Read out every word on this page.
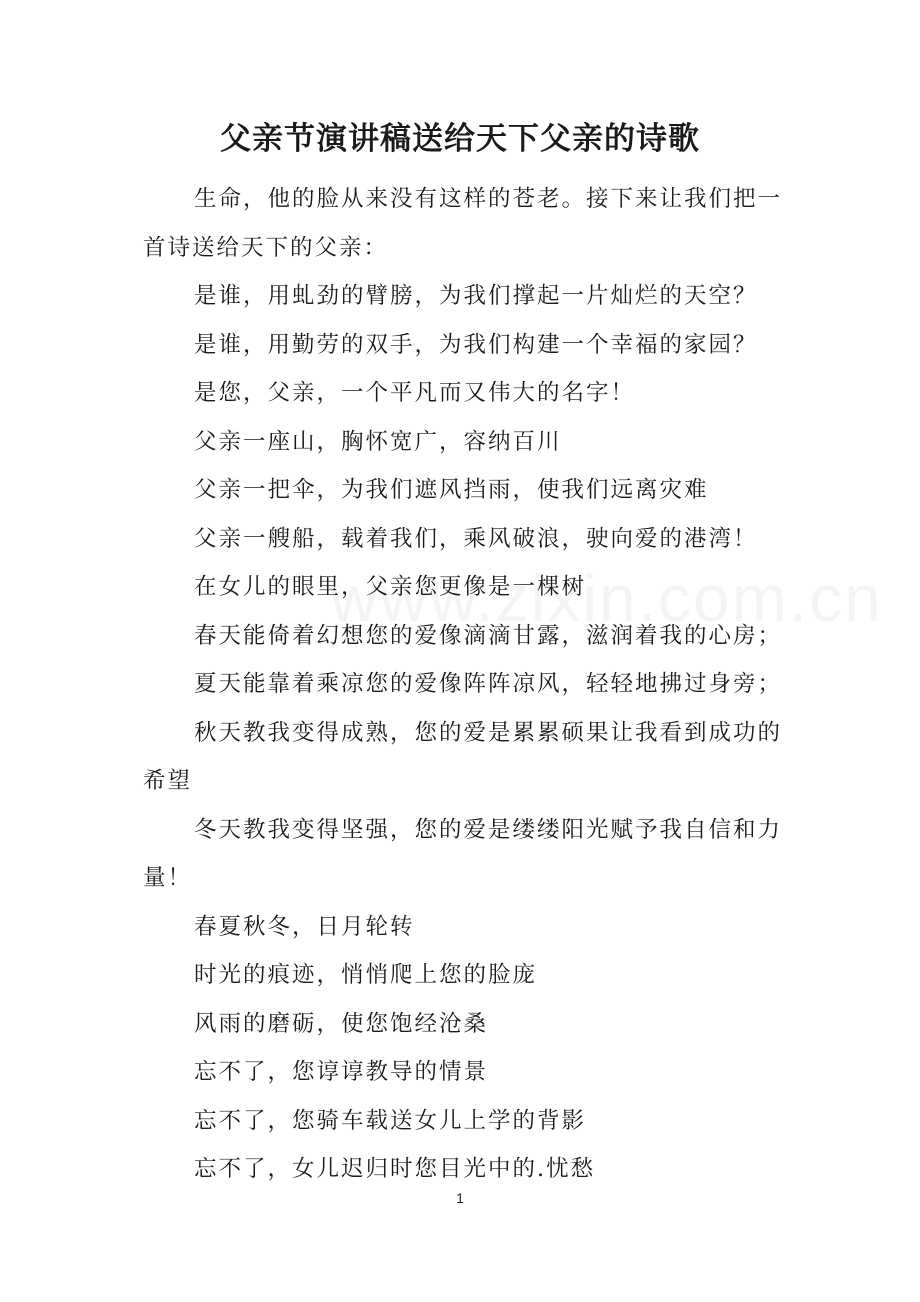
父亲节演讲稿送给天下父亲的诗歌

生命，他的脸从来没有这样的苍老。接下来让我们把一首诗送给天下的父亲：

是谁，用虬劲的臂膀，为我们撑起一片灿烂的天空？

是谁，用勤劳的双手，为我们构建一个幸福的家园？

是您，父亲，一个平凡而又伟大的名字！

父亲一座山，胸怀宽广，容纳百川

父亲一把伞，为我们遮风挡雨，使我们远离灾难

父亲一艘船，载着我们，乘风破浪，驶向爱的港湾！

在女儿的眼里，父亲您更像是一棵树

春天能倚着幻想您的爱像滴滴甘露，滋润着我的心房；

夏天能靠着乘凉您的爱像阵阵凉风，轻轻地拂过身旁；

秋天教我变得成熟，您的爱是累累硕果让我看到成功的希望

冬天教我变得坚强，您的爱是缕缕阳光赋予我自信和力量！

春夏秋冬，日月轮转

时光的痕迹，悄悄爬上您的脸庞

风雨的磨砺，使您饱经沧桑

忘不了，您谆谆教导的情景

忘不了，您骑车载送女儿上学的背影

忘不了，女儿迟归时您目光中的.忧愁

1
